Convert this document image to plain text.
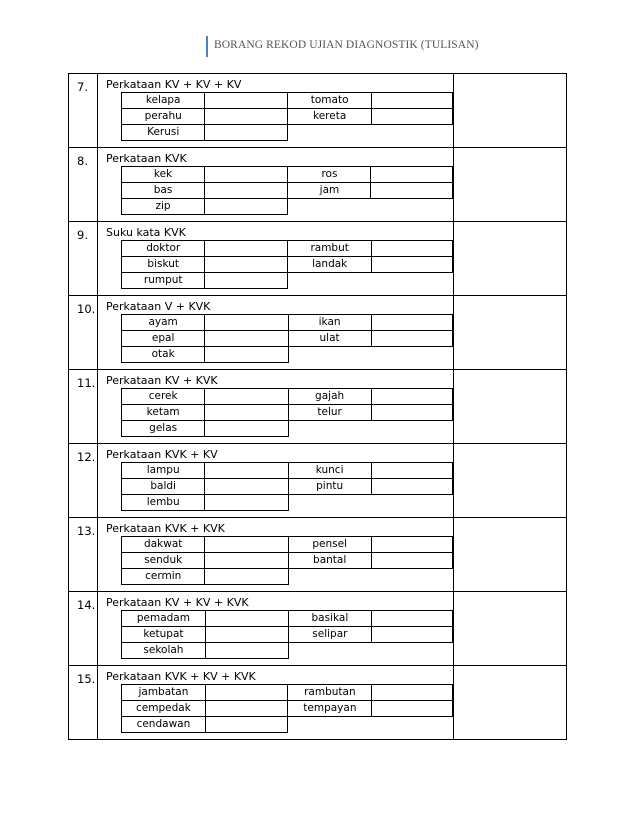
BORANG REKOD UJIAN DIAGNOSTIK (TULISAN)
7.	Perkataan KV + KV + KV
kelapa		tomato	
perahu		kereta	
Kerusi		

8.	Perkataan KVK
kek		ros	
bas		jam	
zip		

9.	Suku kata KVK
doktor		rambut	
biskut		landak	
rumput		

10.	Perkataan V + KVK
ayam		ikan	
epal		ulat	
otak		

11.	Perkataan KV + KVK
cerek		gajah	
ketam		telur	
gelas		

12.	Perkataan KVK + KV
lampu		kunci	
baldi		pintu	
lembu		

13.	Perkataan KVK + KVK
dakwat		pensel	
senduk		bantal	
cermin		

14.	Perkataan KV + KV + KVK
pemadam		basikal	
ketupat		selipar	
sekolah		

15.	Perkataan KVK + KV + KVK
jambatan		rambutan	
cempedak		tempayan	
cendawan		
